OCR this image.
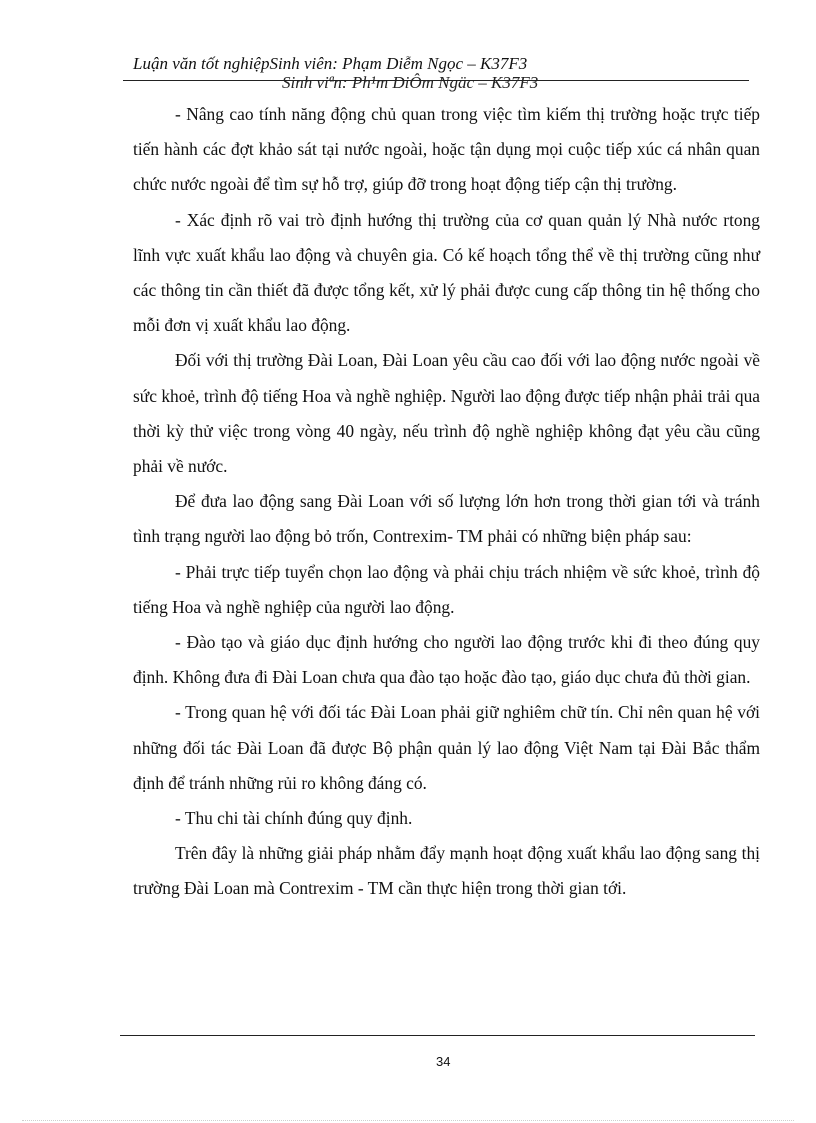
Luận văn tốt nghiệpSinh viên: Phạm Diễm Ngọc – K37F3
Sinh viªn: Ph¹m DiÔm Ngäc – K37F3

- Nâng cao tính năng động chủ quan trong việc tìm kiếm thị trường hoặc trực tiếp tiến hành các đợt khảo sát tại nước ngoài, hoặc tận dụng mọi cuộc tiếp xúc cá nhân quan chức nước ngoài để tìm sự hỗ trợ, giúp đỡ trong hoạt động tiếp cận thị trường.

- Xác định rõ vai trò định hướng thị trường của cơ quan quản lý Nhà nước rtong lĩnh vực xuất khẩu lao động và chuyên gia. Có kế hoạch tổng thể về thị trường cũng như các thông tin cần thiết đã được tổng kết, xử lý phải được cung cấp thông tin hệ thống cho mỗi đơn vị xuất khẩu lao động.

Đối với thị trường Đài Loan, Đài Loan yêu cầu cao đối với lao động nước ngoài về sức khoẻ, trình độ tiếng Hoa và nghề nghiệp. Người lao động được tiếp nhận phải trải qua thời kỳ thử việc trong vòng 40 ngày, nếu trình độ nghề nghiệp không đạt yêu cầu cũng phải về nước.

Để đưa lao động sang Đài Loan với số lượng lớn hơn trong thời gian tới và tránh tình trạng người lao động bỏ trốn, Contrexim- TM phải có những biện pháp sau:

- Phải trực tiếp tuyển chọn lao động và phải chịu trách nhiệm về sức khoẻ, trình độ tiếng Hoa và nghề nghiệp của người lao động.

- Đào tạo và giáo dục định hướng cho người lao động trước khi đi theo đúng quy định. Không đưa đi Đài Loan chưa qua đào tạo hoặc đào tạo, giáo dục chưa đủ thời gian.

- Trong quan hệ với đối tác Đài Loan phải giữ nghiêm chữ tín. Chỉ nên quan hệ với những đối tác Đài Loan đã được Bộ phận quản lý lao động Việt Nam tại Đài Bắc thẩm định để tránh những rủi ro không đáng có.

- Thu chi tài chính đúng quy định.

Trên đây là những giải pháp nhằm đẩy mạnh hoạt động xuất khẩu lao động sang thị trường Đài Loan mà Contrexim - TM cần thực hiện trong thời gian tới.

34
